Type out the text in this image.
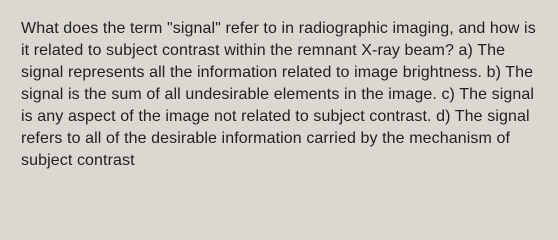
What does the term "signal" refer to in radiographic imaging, and how is it related to subject contrast within the remnant X-ray beam? a) The signal represents all the information related to image brightness. b) The signal is the sum of all undesirable elements in the image. c) The signal is any aspect of the image not related to subject contrast. d) The signal refers to all of the desirable information carried by the mechanism of subject contrast
